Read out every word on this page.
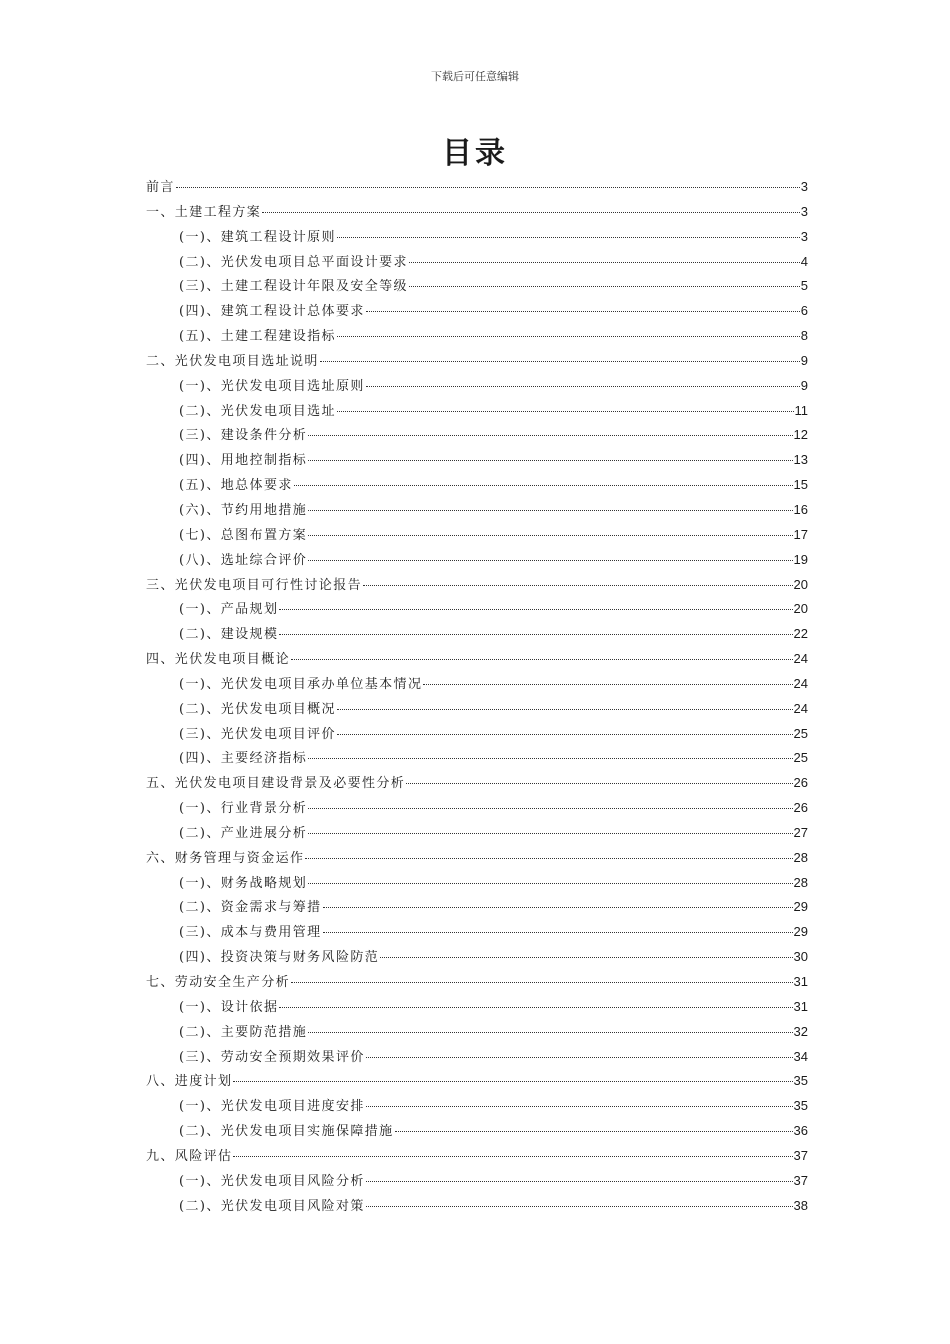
下载后可任意编辑
目录
前言	3
一、土建工程方案	3
(一)、建筑工程设计原则	3
(二)、光伏发电项目总平面设计要求	4
(三)、土建工程设计年限及安全等级	5
(四)、建筑工程设计总体要求	6
(五)、土建工程建设指标	8
二、光伏发电项目选址说明	9
(一)、光伏发电项目选址原则	9
(二)、光伏发电项目选址	11
(三)、建设条件分析	12
(四)、用地控制指标	13
(五)、地总体要求	15
(六)、节约用地措施	16
(七)、总图布置方案	17
(八)、选址综合评价	19
三、光伏发电项目可行性讨论报告	20
(一)、产品规划	20
(二)、建设规模	22
四、光伏发电项目概论	24
(一)、光伏发电项目承办单位基本情况	24
(二)、光伏发电项目概况	24
(三)、光伏发电项目评价	25
(四)、主要经济指标	25
五、光伏发电项目建设背景及必要性分析	26
(一)、行业背景分析	26
(二)、产业进展分析	27
六、财务管理与资金运作	28
(一)、财务战略规划	28
(二)、资金需求与筹措	29
(三)、成本与费用管理	29
(四)、投资决策与财务风险防范	30
七、劳动安全生产分析	31
(一)、设计依据	31
(二)、主要防范措施	32
(三)、劳动安全预期效果评价	34
八、进度计划	35
(一)、光伏发电项目进度安排	35
(二)、光伏发电项目实施保障措施	36
九、风险评估	37
(一)、光伏发电项目风险分析	37
(二)、光伏发电项目风险对策	38
